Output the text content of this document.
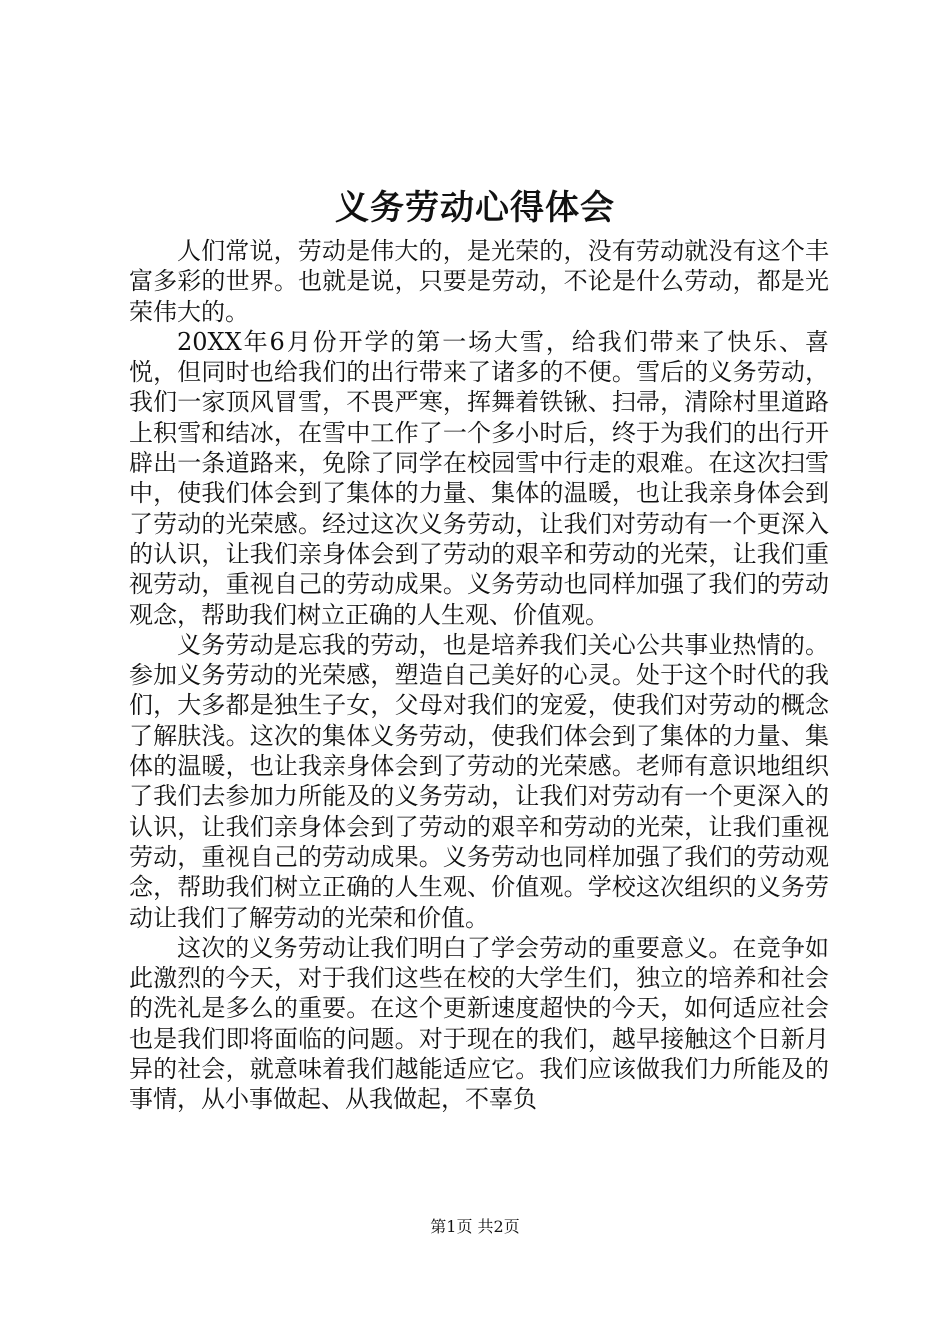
义务劳动心得体会

人们常说，劳动是伟大的，是光荣的，没有劳动就没有这个丰富多彩的世界。也就是说，只要是劳动，不论是什么劳动，都是光荣伟大的。

20XX年6月份开学的第一场大雪，给我们带来了快乐、喜悦，但同时也给我们的出行带来了诸多的不便。雪后的义务劳动，我们一家顶风冒雪，不畏严寒，挥舞着铁锹、扫帚，清除村里道路上积雪和结冰，在雪中工作了一个多小时后，终于为我们的出行开辟出一条道路来，免除了同学在校园雪中行走的艰难。在这次扫雪中，使我们体会到了集体的力量、集体的温暖，也让我亲身体会到了劳动的光荣感。经过这次义务劳动，让我们对劳动有一个更深入的认识，让我们亲身体会到了劳动的艰辛和劳动的光荣，让我们重视劳动，重视自己的劳动成果。义务劳动也同样加强了我们的劳动观念，帮助我们树立正确的人生观、价值观。

义务劳动是忘我的劳动，也是培养我们关心公共事业热情的。参加义务劳动的光荣感，塑造自己美好的心灵。处于这个时代的我们，大多都是独生子女，父母对我们的宠爱，使我们对劳动的概念了解肤浅。这次的集体义务劳动，使我们体会到了集体的力量、集体的温暖，也让我亲身体会到了劳动的光荣感。老师有意识地组织了我们去参加力所能及的义务劳动，让我们对劳动有一个更深入的认识，让我们亲身体会到了劳动的艰辛和劳动的光荣，让我们重视劳动，重视自己的劳动成果。义务劳动也同样加强了我们的劳动观念，帮助我们树立正确的人生观、价值观。学校这次组织的义务劳动让我们了解劳动的光荣和价值。

这次的义务劳动让我们明白了学会劳动的重要意义。在竞争如此激烈的今天，对于我们这些在校的大学生们，独立的培养和社会的洗礼是多么的重要。在这个更新速度超快的今天，如何适应社会也是我们即将面临的问题。对于现在的我们，越早接触这个日新月异的社会，就意味着我们越能适应它。我们应该做我们力所能及的事情，从小事做起、从我做起，不辜负

第1页 共2页
